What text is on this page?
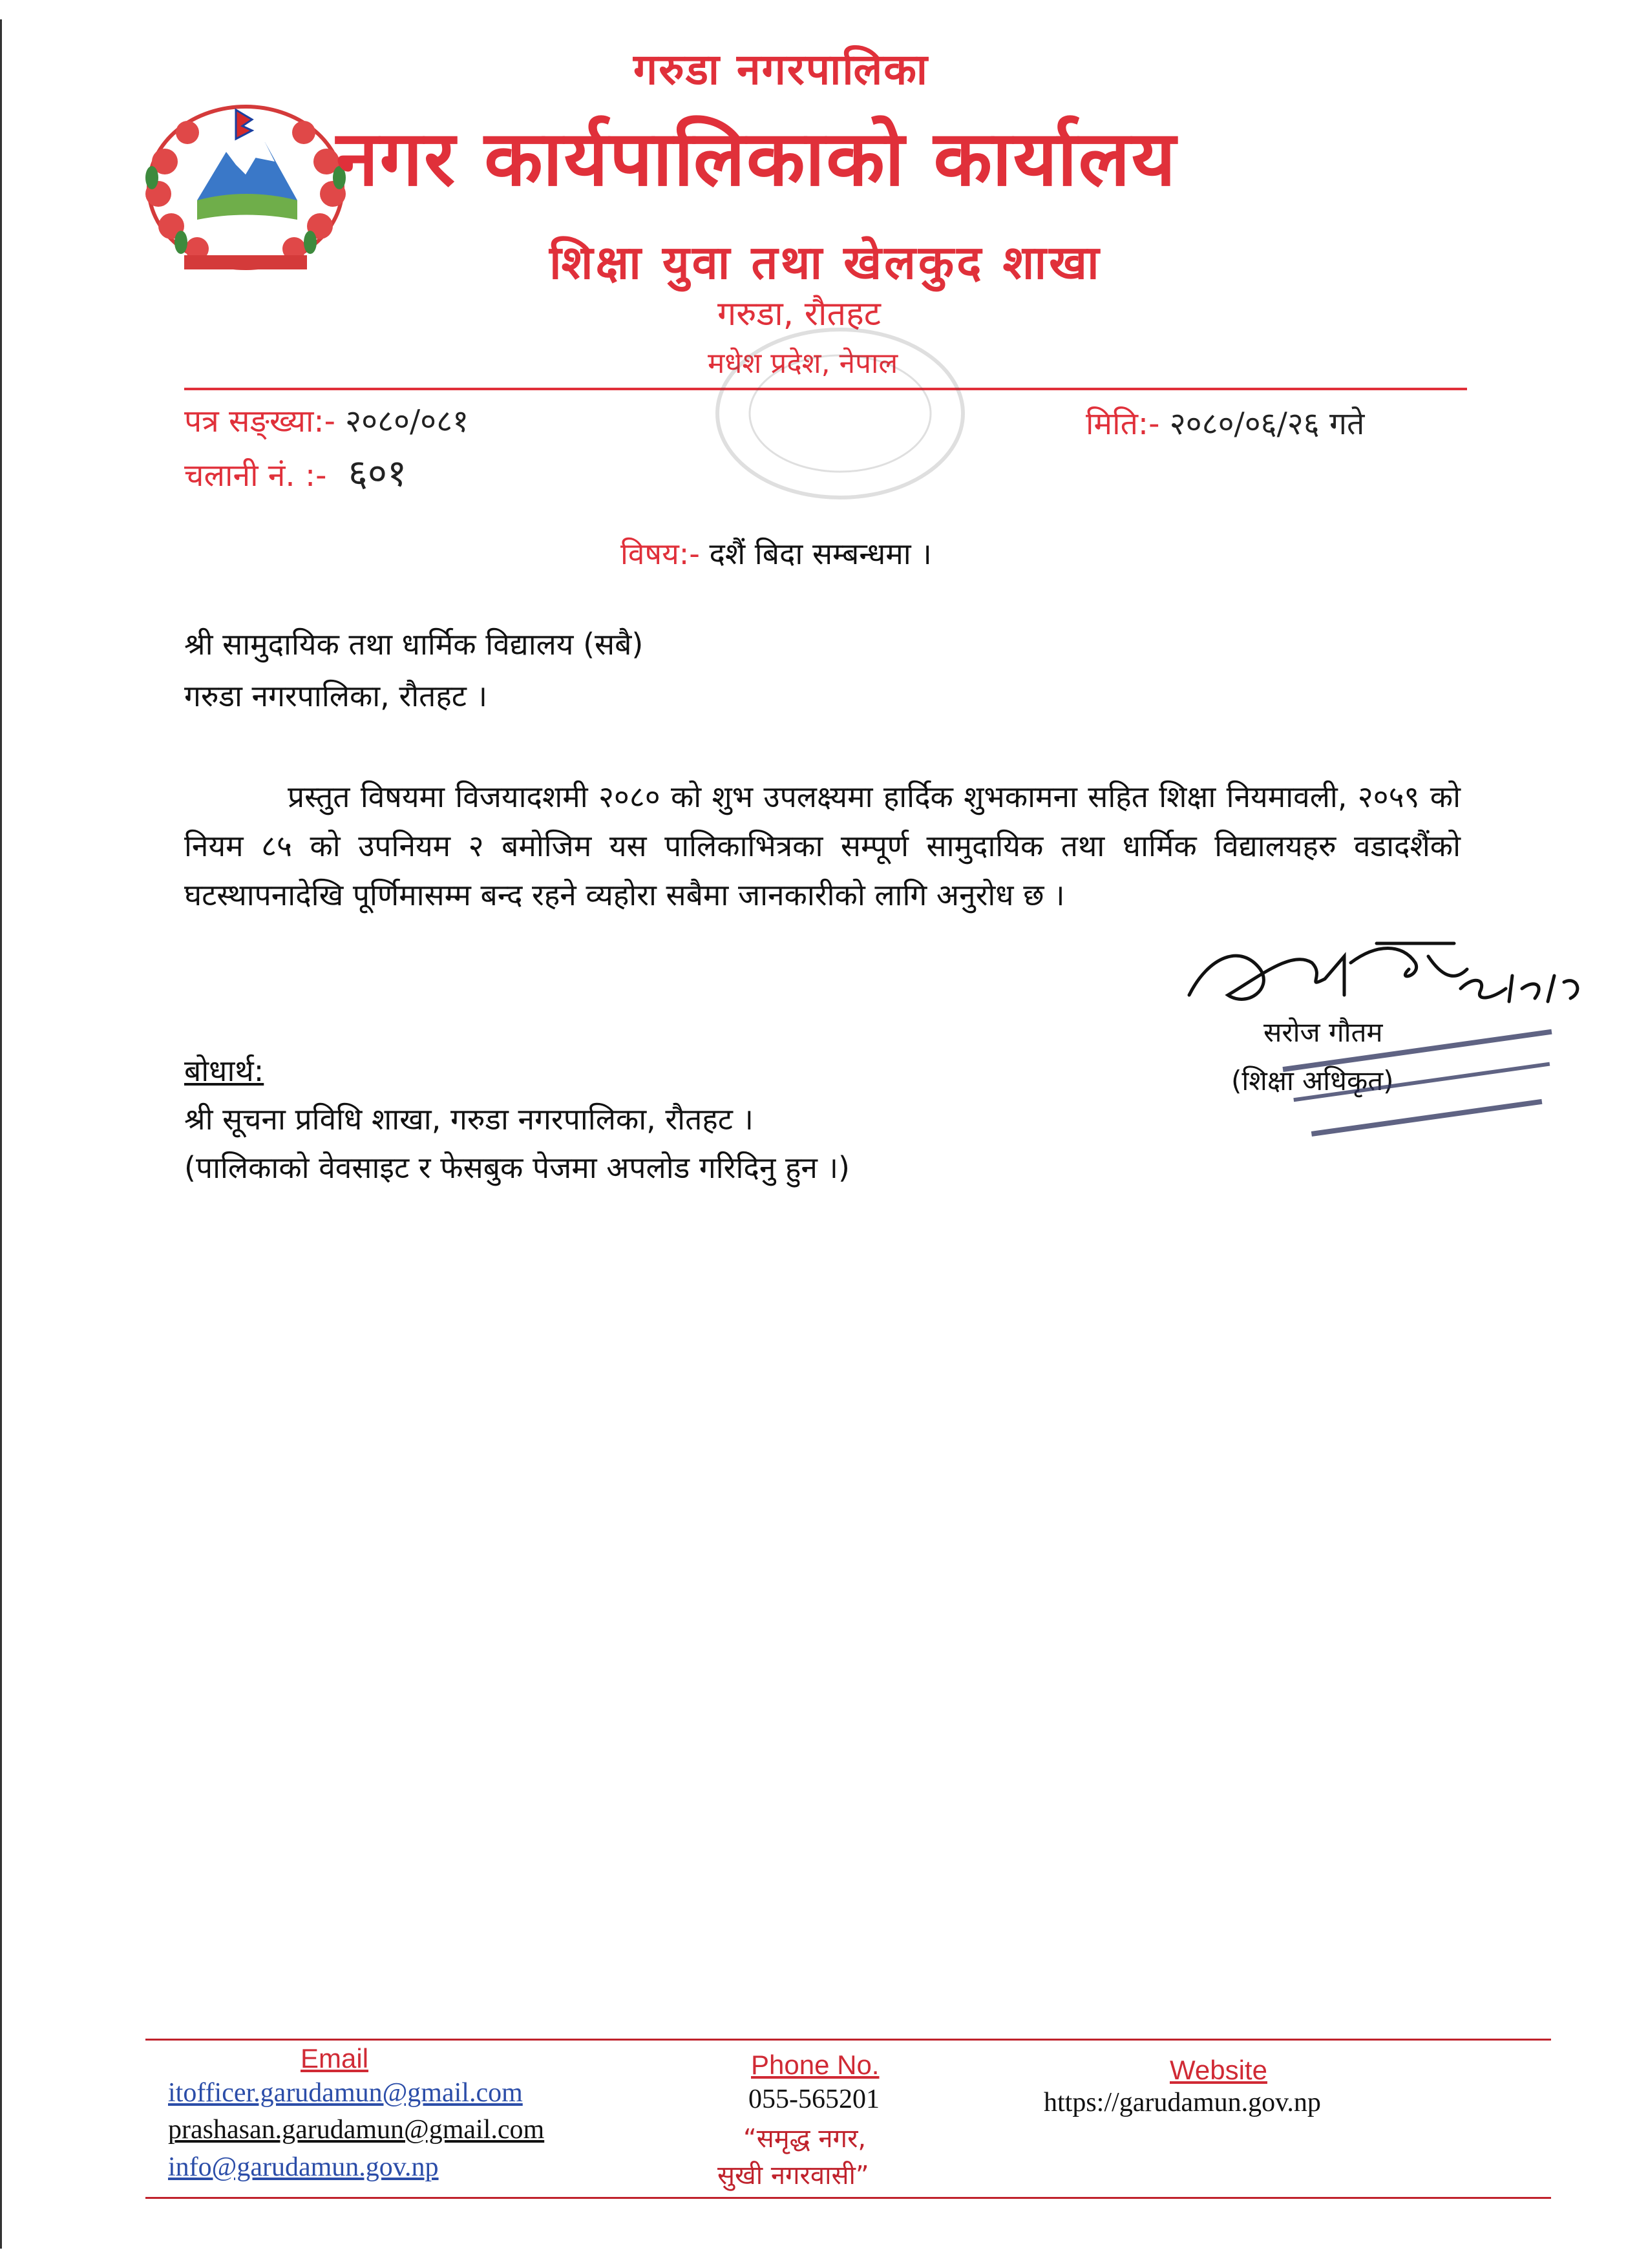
गरुडा नगरपालिका
नगर कार्यपालिकाको कार्यालय
शिक्षा युवा तथा खेलकुद शाखा
गरुडा, रौतहट
मधेश प्रदेश, नेपाल
पत्र सङ्ख्या:- २०८०/०८१
चलानी नं. :- ६०१
मिति:- २०८०/०६/२६ गते
विषय:- दशैं बिदा सम्बन्धमा ।
श्री सामुदायिक तथा धार्मिक विद्यालय (सबै)
गरुडा नगरपालिका, रौतहट ।
प्रस्तुत विषयमा विजयादशमी २०८० को शुभ उपलक्ष्यमा हार्दिक शुभकामना सहित शिक्षा नियमावली, २०५९ को नियम ८५ को उपनियम २ बमोजिम यस पालिकाभित्रका सम्पूर्ण सामुदायिक तथा धार्मिक विद्यालयहरु वडादशैंको घटस्थापनादेखि पूर्णिमासम्म बन्द रहने व्यहोरा सबैमा जानकारीको लागि अनुरोध छ ।
सरोज गौतम
(शिक्षा अधिकृत)
बोधार्थ:
श्री सूचना प्रविधि शाखा, गरुडा नगरपालिका, रौतहट ।
(पालिकाको वेवसाइट र फेसबुक पेजमा अपलोड गरिदिनु हुन ।)
Email
itofficer.garudamun@gmail.com
prashasan.garudamun@gmail.com
info@garudamun.gov.np
Phone No.
055-565201
“समृद्ध नगर,
सुखी नगरवासी”
Website
https://garudamun.gov.np
